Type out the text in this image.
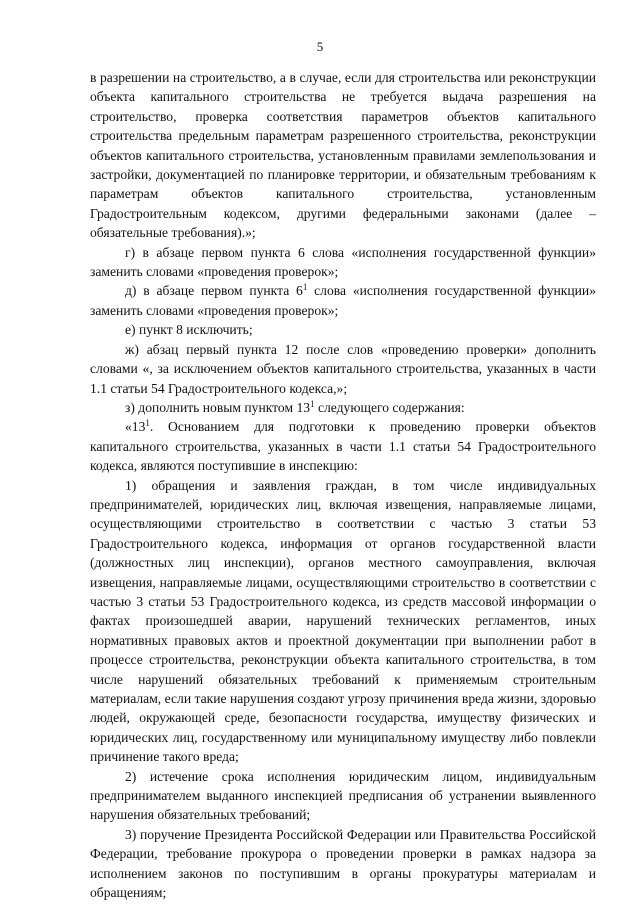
5

в разрешении на строительство, а в случае, если для строительства или реконструкции объекта капитального строительства не требуется выдача разрешения на строительство, проверка соответствия параметров объектов капитального строительства предельным параметрам разрешенного строительства, реконструкции объектов капитального строительства, установленным правилами землепользования и застройки, документацией по планировке территории, и обязательным требованиям к параметрам объектов капитального строительства, установленным Градостроительным кодексом, другими федеральными законами (далее – обязательные требования).»;

г) в абзаце первом пункта 6 слова «исполнения государственной функции» заменить словами «проведения проверок»;

д) в абзаце первом пункта $6^1$ слова «исполнения государственной функции» заменить словами «проведения проверок»;

е) пункт 8 исключить;

ж) абзац первый пункта 12 после слов «проведению проверки» дополнить словами «, за исключением объектов капитального строительства, указанных в части 1.1 статьи 54 Градостроительного кодекса,»;

з) дополнить новым пунктом $13^1$ следующего содержания:

«$13^1$. Основанием для подготовки к проведению проверки объектов капитального строительства, указанных в части 1.1 статьи 54 Градостроительного кодекса, являются поступившие в инспекцию:

1) обращения и заявления граждан, в том числе индивидуальных предпринимателей, юридических лиц, включая извещения, направляемые лицами, осуществляющими строительство в соответствии с частью 3 статьи 53 Градостроительного кодекса, информация от органов государственной власти (должностных лиц инспекции), органов местного самоуправления, включая извещения, направляемые лицами, осуществляющими строительство в соответствии с частью 3 статьи 53 Градостроительного кодекса, из средств массовой информации о фактах произошедшей аварии, нарушений технических регламентов, иных нормативных правовых актов и проектной документации при выполнении работ в процессе строительства, реконструкции объекта капитального строительства, в том числе нарушений обязательных требований к применяемым строительным материалам, если такие нарушения создают угрозу причинения вреда жизни, здоровью людей, окружающей среде, безопасности государства, имуществу физических и юридических лиц, государственному или муниципальному имуществу либо повлекли причинение такого вреда;

2) истечение срока исполнения юридическим лицом, индивидуальным предпринимателем выданного инспекцией предписания об устранении выявленного нарушения обязательных требований;

3) поручение Президента Российской Федерации или Правительства Российской Федерации, требование прокурора о проведении проверки в рамках надзора за исполнением законов по поступившим в органы прокуратуры материалам и обращениям;
